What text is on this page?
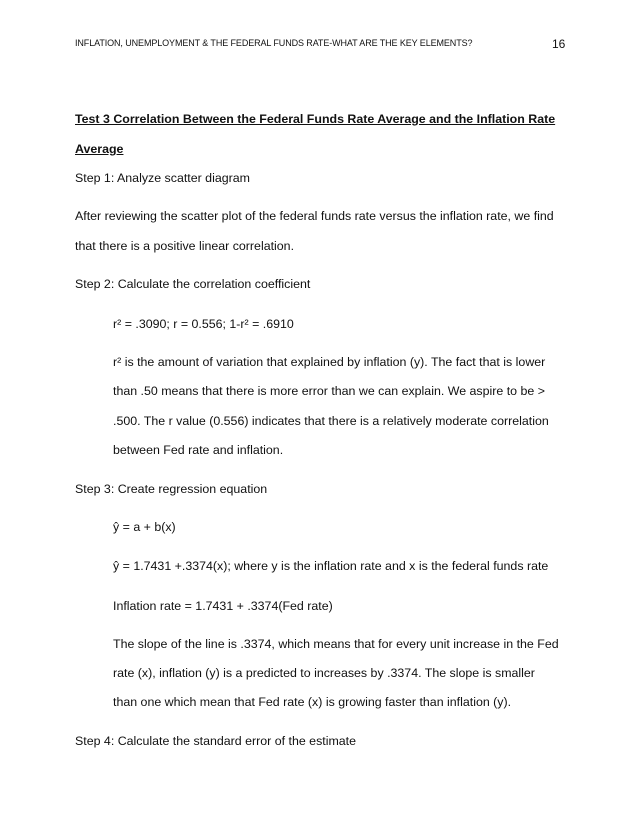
INFLATION, UNEMPLOYMENT & THE FEDERAL FUNDS RATE-WHAT ARE THE KEY ELEMENTS?	16
Test 3 Correlation Between the Federal Funds Rate Average and the Inflation Rate
Average
Step 1: Analyze scatter diagram
After reviewing the scatter plot of the federal funds rate versus the inflation rate, we find
that there is a positive linear correlation.
Step 2: Calculate the correlation coefficient
r² = .3090; r = 0.556; 1-r² = .6910
r² is the amount of variation that explained by inflation (y). The fact that is lower
than .50 means that there is more error than we can explain. We aspire to be >
.500. The r value (0.556) indicates that there is a relatively moderate correlation
between Fed rate and inflation.
Step 3: Create regression equation
ŷ = a + b(x)
ŷ = 1.7431 +.3374(x); where y is the inflation rate and x is the federal funds rate
Inflation rate = 1.7431 + .3374(Fed rate)
The slope of the line is .3374, which means that for every unit increase in the Fed
rate (x), inflation (y) is a predicted to increases by .3374. The slope is smaller
than one which mean that Fed rate (x) is growing faster than inflation (y).
Step 4: Calculate the standard error of the estimate
